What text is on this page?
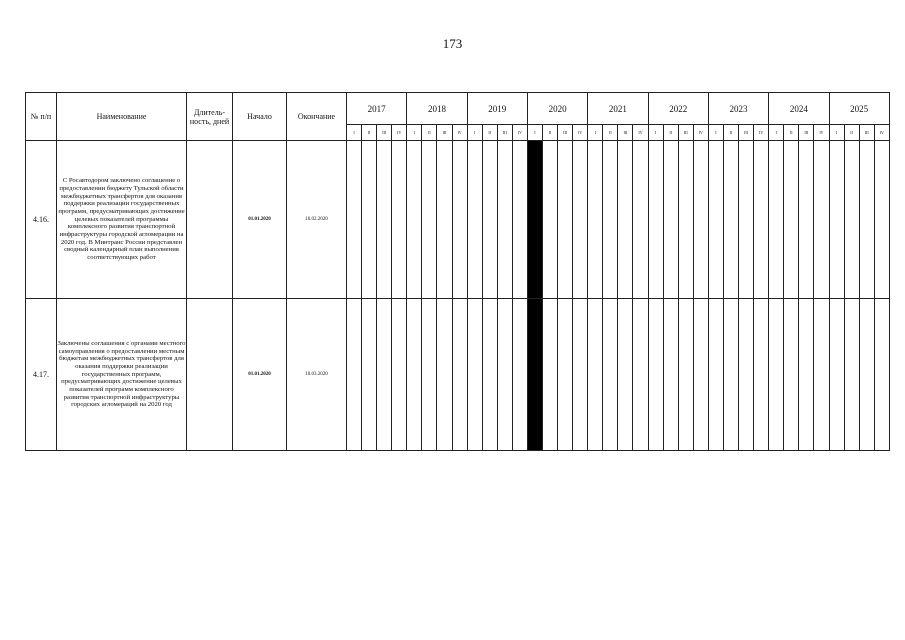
173
№ п/п	Наименование	Длитель-ность, дней	Начало	Окончание	2017				2018				2019				2020				2021				2022				2023				2024				2025			
					I	II	III	IV	I	II	III	IV	I	II	III	IV	I	II	III	IV	I	II	III	IV	I	II	III	IV	I	II	III	IV	I	II	III	IV	I	II	III	IV
4.16.	С Росавтодором заключено соглашение о предоставлении бюджету Тульской области межбюджетных трансфертов для оказания поддержки реализации государственных программ, предусматривающих достижение целевых показателей программы комплексного развития транспортной инфраструктуры городской агломерации на 2020 год. В Минтранс России представлен сводный календарный план выполнения соответствующих работ		01.01.2020	10.02.2020																																				
4.17.	Заключены соглашения с органами местного самоуправления о предоставлении местным бюджетам межбюджетных трансфертов для оказания поддержки реализации государственных программ, предусматривающих достижение целевых показателей программ комплексного развития транспортной инфраструктуры городских агломераций на 2020 год		01.01.2020	10.03.2020																																				
